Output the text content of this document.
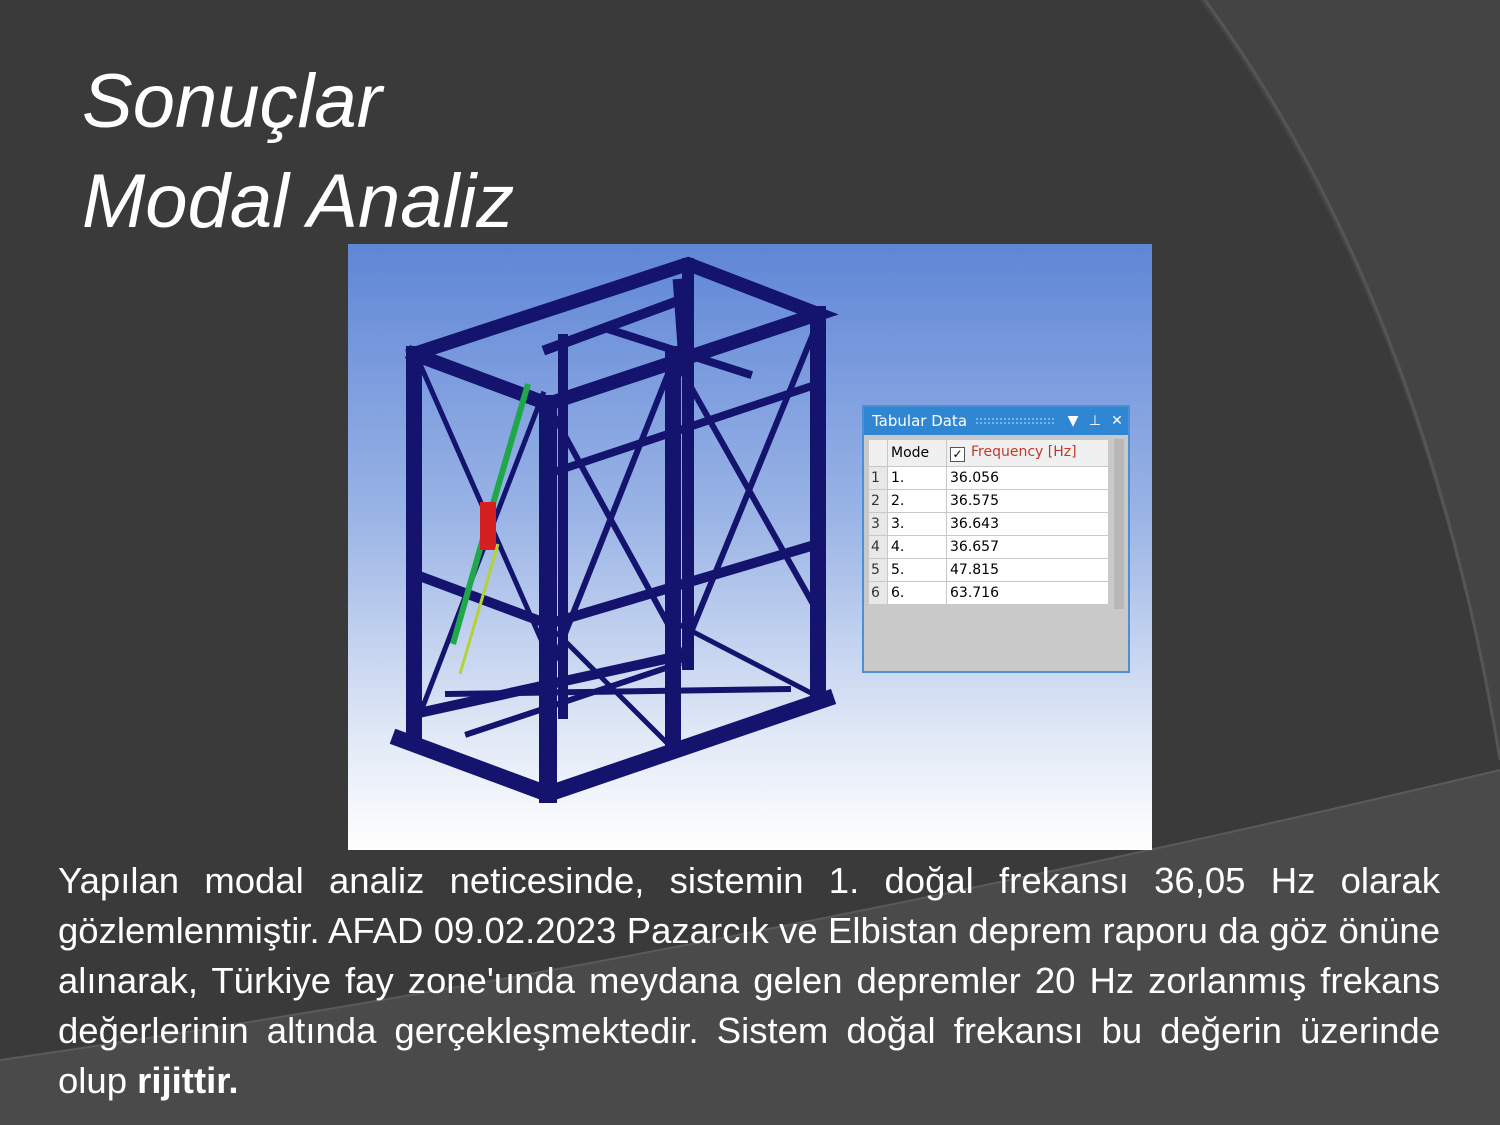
Sonuçlar
Modal Analiz
Tabular Data	▼ ⊥ ✕
	Mode	✓ Frequency [Hz]
1	1.	36.056
2	2.	36.575
3	3.	36.643
4	4.	36.657
5	5.	47.815
6	6.	63.716

Yapılan modal analiz neticesinde, sistemin 1. doğal frekansı 36,05 Hz olarak gözlemlenmiştir. AFAD 09.02.2023 Pazarcık ve Elbistan deprem raporu da göz önüne alınarak, Türkiye fay zone'unda meydana gelen depremler 20 Hz zorlanmış frekans değerlerinin altında gerçekleşmektedir. Sistem doğal frekansı bu değerin üzerinde olup rijittir.
